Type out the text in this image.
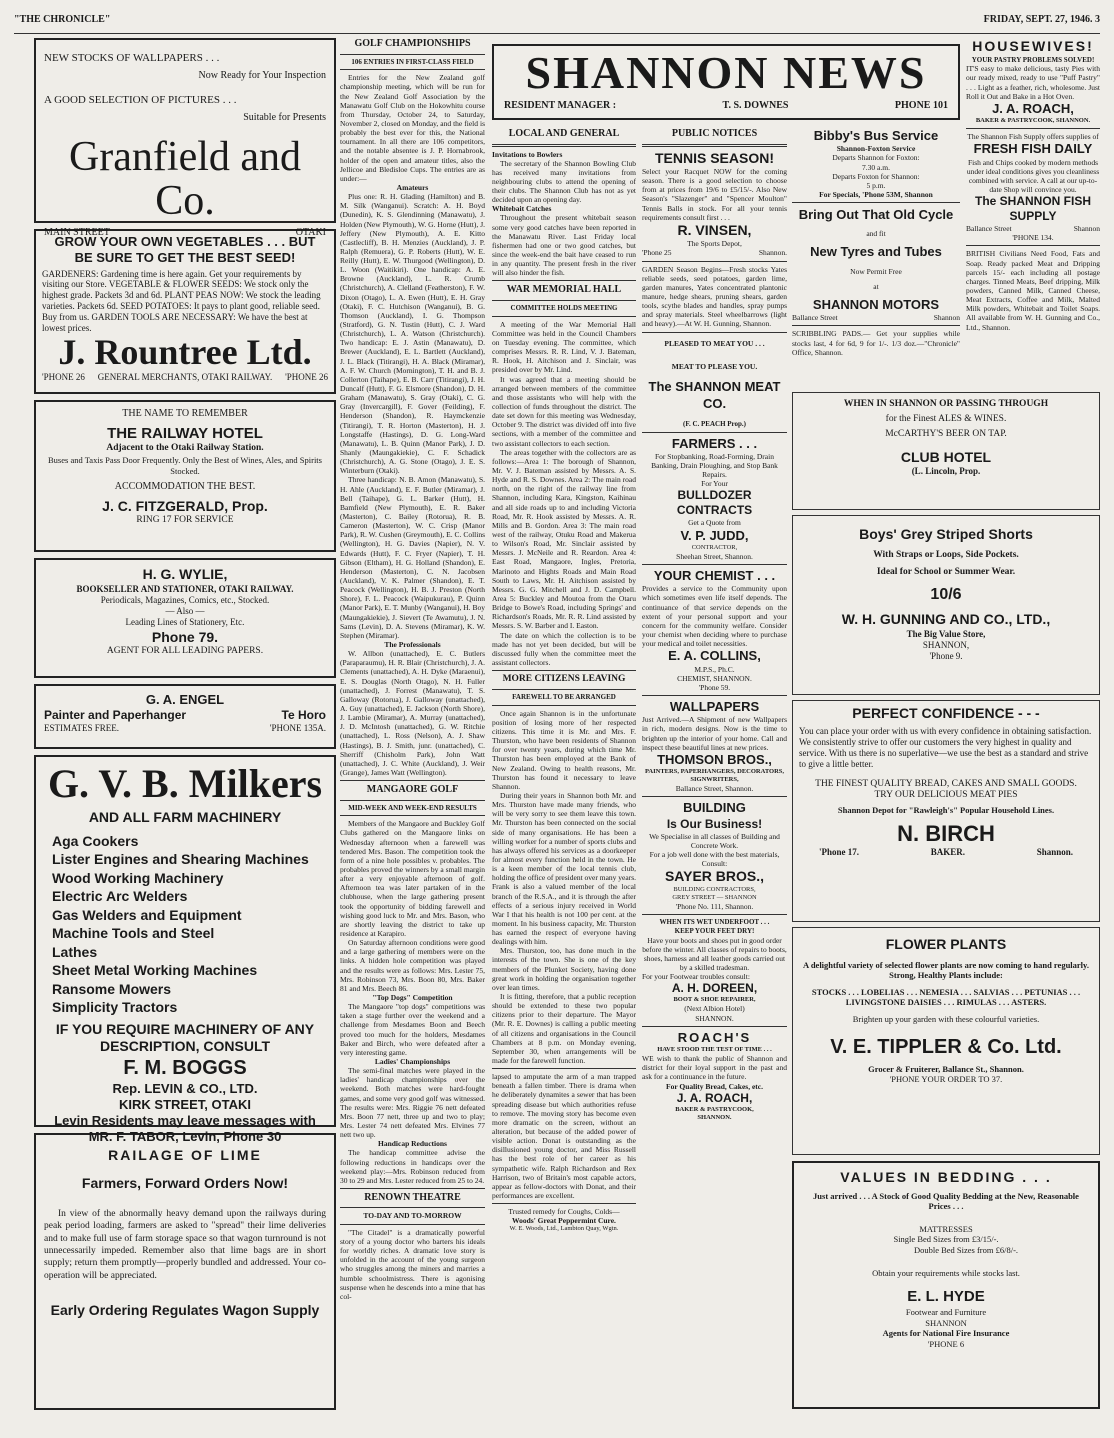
"THE CHRONICLE"	FRIDAY, SEPT. 27, 1946. 3
NEW STOCKS OF WALLPAPERS . . .
Now Ready for Your Inspection
A GOOD SELECTION OF PICTURES . . .
Suitable for Presents
Granfield and Co.
MAIN STREET	OTAKI
GROW YOUR OWN VEGETABLES . . . BUT
BE SURE TO GET THE BEST SEED!
GARDENERS: Gardening time is here again. Get your requirements by visiting our Store. VEGETABLE & FLOWER SEEDS: We stock only the highest grade. Packets 3d and 6d. PLANT PEAS NOW: We stock the leading varieties. Packets 6d. SEED POTATOES: It pays to plant good, reliable seed. Buy from us. GARDEN TOOLS ARE NECESSARY: We have the best at lowest prices.
J. Rountree Ltd.
'PHONE 26 GENERAL MERCHANTS, OTAKI RAILWAY. 'PHONE 26
THE NAME TO REMEMBER
THE RAILWAY HOTEL
Adjacent to the Otaki Railway Station.
Buses and Taxis Pass Door Frequently. Only the Best of Wines, Ales, and Spirits Stocked.
ACCOMMODATION THE BEST.
J. C. FITZGERALD, Prop.
RING 17 FOR SERVICE
H. G. WYLIE,
BOOKSELLER AND STATIONER, OTAKI RAILWAY.
Periodicals, Magazines, Comics, etc., Stocked.
— Also —
Leading Lines of Stationery, Etc.
Phone 79.
AGENT FOR ALL LEADING PAPERS.
G. A. ENGEL
Painter and Paperhanger	Te Horo
ESTIMATES FREE.	'PHONE 135A.
G. V. B. Milkers
AND ALL FARM MACHINERY
Aga Cookers
Lister Engines and Shearing Machines
Wood Working Machinery
Electric Arc Welders
Gas Welders and Equipment
Machine Tools and Steel
Lathes
Sheet Metal Working Machines
Ransome Mowers
Simplicity Tractors
IF YOU REQUIRE MACHINERY OF ANY DESCRIPTION, CONSULT
F. M. BOGGS
Rep. LEVIN & CO., LTD.
KIRK STREET, OTAKI
Levin Residents may leave messages with MR. F. TABOR, Levin, Phone 30
RAILAGE OF LIME
Farmers, Forward Orders Now!
In view of the abnormally heavy demand upon the railways during peak period loading, farmers are asked to "spread" their lime deliveries and to make full use of farm storage space so that wagon turnround is not unnecessarily impeded. Remember also that lime bags are in short supply; return them promptly—properly bundled and addressed. Your co-operation will be appreciated.
Early Ordering Regulates Wagon Supply
GOLF CHAMPIONSHIPS
106 ENTRIES IN FIRST-CLASS FIELD

Entries for the New Zealand golf championship meeting, which will be run for the New Zealand Golf Association by the Manawatu Golf Club on the Hokowhitu course from Thursday, October 24, to Saturday, November 2, closed on Monday, and the field is probably the best ever for this, the National tournament. In all there are 106 competitors, and the notable absentee is J. P. Hornabrook, holder of the open and amateur titles, also the Jellicoe and Bledisloe Cups. The entries are as under:—

Amateurs

Plus one: R. H. Glading (Hamilton) and B. M. Silk (Wanganui). Scratch: A. H. Boyd (Dunedin), K. S. Glendinning (Manawatu), J. Holden (New Plymouth), W. G. Horne (Hutt), J. Jeffery (New Plymouth), A. E. Kitto (Castlecliff), B. H. Menzies (Auckland), J. P. Ralph (Remuera), G. P. Roberts (Hutt), W. E. Reilly (Hutt), E. W. Thurgood (Wellington), D. L. Woon (Waitikiri). One handicap: A. E. Browne (Auckland), L. R. Crumb (Christchurch), A. Clelland (Featherston), F. W. Dixon (Otago), L. A. Ewen (Hutt), E. H. Gray (Otaki), F. C. Hutchison (Wanganui), B. G. Thomson (Auckland), I. G. Thompson (Stratford), G. N. Tustin (Hutt), C. J. Ward (Christchurch), L. A. Watson (Christchurch). Two handicap: E. J. Astin (Manawatu), D. Brewer (Auckland), E. L. Bartlett (Auckland), J. L. Black (Titirangi), H. A. Black (Miramar), A. F. W. Church (Mornington), T. H. and B. J. Collerton (Taihape), E. B. Carr (Titirangi), J. H. Duncalf (Hutt), F. G. Elsmore (Shandon), D. H. Graham (Manawatu), S. Gray (Otaki), C. G. Gray (Invercargill), F. Gover (Feilding), F. Henderson (Shandon), R. Haymckenzie (Titirangi), T. R. Horton (Masterton), H. J. Longstaffe (Hastings), D. G. Long-Ward (Manawatu), L. B. Quinn (Manor Park), J. D. Shanly (Maungakiekie), C. F. Schadick (Christchurch), A. G. Stone (Otago), J. E. S. Winterburn (Otaki).

Three handicap: N. B. Amon (Manawatu), S. H. Ahle (Auckland), E. F. Butler (Miramar), J. Bell (Taihape), G. L. Barker (Hutt), H. Bamfield (New Plymouth), E. R. Baker (Masterton), C. Bailey (Rotorua), R. B. Cameron (Masterton), W. C. Crisp (Manor Park), R. W. Cushen (Greymouth), E. C. Collins (Wellington), H. G. Davies (Napier), N. V. Edwards (Hutt), F. C. Fryer (Napier), T. H. Gibson (Eltham), H. G. Holland (Shandon), E. Henderson (Masterton), C. N. Jacobsen (Auckland), V. K. Palmer (Shandon), E. T. Peacock (Wellington), H. B. J. Preston (North Shore), F. L. Peacock (Waipukurau), P. Quinn (Manor Park), E. T. Munby (Wanganui), H. Boy (Maungakiekie), J. Sievert (Te Awamutu), J. N. Sams (Levin), D. A. Stevens (Miramar), K. W. Stephen (Miramar).

The Professionals

W. Allbon (unattached), E. C. Butlers (Paraparaumu), H. R. Blair (Christchurch), J. A. Clements (unattached), A. H. Dyke (Maraenui), E. S. Douglas (North Otago), N. H. Fuller (unattached), J. Forrest (Manawatu), T. S. Galloway (Rotorua), J. Galloway (unattached), A. Guy (unattached), E. Jackson (North Shore), J. Lambie (Miramar), A. Murray (unattached), J. D. McIntosh (unattached), G. W. Ritchie (unattached), L. Ross (Nelson), A. J. Shaw (Hastings), B. J. Smith, junr. (unattached), C. Sherriff (Chisholm Park), John Watt (unattached), J. C. White (Auckland), J. Weir (Grange), James Watt (Wellington).

MANGAORE GOLF
MID-WEEK AND WEEK-END RESULTS

Members of the Mangaore and Buckley Golf Clubs gathered on the Mangaore links on Wednesday afternoon when a farewell was tendered Mrs. Bason. The competition took the form of a nine hole possibles v. probables. The probables proved the winners by a small margin after a very enjoyable afternoon of golf. Afternoon tea was later partaken of in the clubhouse, when the large gathering present took the opportunity of bidding farewell and wishing good luck to Mr. and Mrs. Bason, who are shortly leaving the district to take up residence at Karapiro.

On Saturday afternoon conditions were good and a large gathering of members were on the links. A hidden hole competition was played and the results were as follows: Mrs. Lester 75, Mrs. Robinson 73, Mrs. Boon 80, Mrs. Baker 81 and Mrs. Beech 86.

"Top Dogs" Competition

The Mangaore "top dogs" competitions was taken a stage further over the weekend and a challenge from Mesdames Boon and Beech proved too much for the holders, Mesdames Baker and Birch, who were defeated after a very interesting game.

Ladies' Championships

The semi-final matches were played in the ladies' handicap championships over the weekend. Both matches were hard-fought games, and some very good golf was witnessed. The results were: Mrs. Riggie 76 nett defeated Mrs. Boon 77 nett, three up and two to play; Mrs. Lester 74 nett defeated Mrs. Elvines 77 nett two up.

Handicap Reductions

The handicap committee advise the following reductions in handicaps over the weekend play:—Mrs. Robinson reduced from 30 to 29 and Mrs. Lester reduced from 25 to 24.

RENOWN THEATRE
TO-DAY AND TO-MORROW

"The Citadel" is a dramatically powerful story of a young doctor who barters his ideals for worldly riches. A dramatic love story is unfolded in the account of the young surgeon who struggles among the miners and marries a humble schoolmistress. There is agonising suspense when he descends into a mine that has col-

SHANNON NEWS
RESIDENT MANAGER :	T. S. DOWNES	PHONE 101
LOCAL AND GENERAL
Invitations to Bowlers

The secretary of the Shannon Bowling Club has received many invitations from neighbouring clubs to attend the opening of their clubs. The Shannon Club has not as yet decided upon an opening day.

Whitebait Catches

Throughout the present whitebait season some very good catches have been reported in the Manawatu River. Last Friday local fishermen had one or two good catches, but since the week-end the bait have ceased to run in any quantity. The present fresh in the river will also hinder the fish.

WAR MEMORIAL HALL
COMMITTEE HOLDS MEETING

A meeting of the War Memorial Hall Committee was held in the Council Chambers on Tuesday evening. The committee, which comprises Messrs. R. R. Lind, V. J. Bateman, R. Hook, H. Aitchison and J. Sinclair, was presided over by Mr. Lind.

It was agreed that a meeting should be arranged between members of the committee and those assistants who will help with the collection of funds throughout the district. The date set down for this meeting was Wednesday, October 9. The district was divided off into five sections, with a member of the committee and two assistant collectors to each section.

The areas together with the collectors are as follows:—Area 1: The borough of Shannon, Mr. V. J. Bateman assisted by Messrs. A. S. Hyde and R. S. Downes. Area 2: The main road north, on the right of the railway line from Shannon, including Kara, Kingston, Kaihinau and all side roads up to and including Victoria Road, Mr. R. Hook assisted by Messrs. A. R. Mills and B. Gordon. Area 3: The main road west of the railway, Otuku Road and Makerua to Wilson's Road, Mr. Sinclair assisted by Messrs. J. McNeile and R. Reardon. Area 4: East Road, Mangaore, Ingles, Pretoria, Marinoto and Hights Roads and Main Road South to Laws, Mr. H. Aitchison assisted by Messrs. G. G. Mitchell and J. D. Campbell. Area 5: Buckley and Moutoa from the Otaru Bridge to Bowe's Road, including Springs' and Richardson's Roads, Mr. R. R. Lind assisted by Messrs. S. W. Barber and I. Easton.

The date on which the collection is to be made has not yet been decided, but will be discussed fully when the committee meet the assistant collectors.

MORE CITIZENS LEAVING
FAREWELL TO BE ARRANGED

Once again Shannon is in the unfortunate position of losing more of her respected citizens. This time it is Mr. and Mrs. F. Thurston, who have been residents of Shannon for over twenty years, during which time Mr. Thurston has been employed at the Bank of New Zealand. Owing to health reasons, Mr. Thurston has found it necessary to leave Shannon.

During their years in Shannon both Mr. and Mrs. Thurston have made many friends, who will be very sorry to see them leave this town. Mr. Thurston has been connected on the social side of many organisations. He has been a willing worker for a number of sports clubs and has always offered his services as a doorkeeper for almost every function held in the town. He is a keen member of the local tennis club, holding the office of president over many years. Frank is also a valued member of the local branch of the R.S.A., and it is through the after effects of a serious injury received in World War I that his health is not 100 per cent. at the moment. In his business capacity, Mr. Thurston has earned the respect of everyone having dealings with him.

Mrs. Thurston, too, has done much in the interests of the town. She is one of the key members of the Plunket Society, having done great work in holding the organisation together over lean times.

It is fitting, therefore, that a public reception should be extended to these two popular citizens prior to their departure. The Mayor (Mr. R. E. Downes) is calling a public meeting of all citizens and organisations in the Council Chambers at 8 p.m. on Monday evening, September 30, when arrangements will be made for the farewell function.

lapsed to amputate the arm of a man trapped beneath a fallen timber. There is drama when he deliberately dynamites a sewer that has been spreading disease but which authorities refuse to remove. The moving story has become even more dramatic on the screen, without an alteration, but because of the added power of visible action. Donat is outstanding as the disillusioned young doctor, and Miss Russell has the best role of her career as his sympathetic wife. Ralph Richardson and Rex Harrison, two of Britain's most capable actors, appear as fellow-doctors with Donat, and their performances are excellent.

Trusted remedy for Coughs, Colds—
Woods' Great Peppermint Cure.
W. E. Woods, Ltd., Lambton Quay, Wgtn.
PUBLIC NOTICES
TENNIS SEASON!

Select your Racquet NOW for the coming season. There is a good selection to choose from at prices from 19/6 to £5/15/-. Also New Season's "Slazenger" and "Spencer Moulton" Tennis Balls in stock. For all your tennis requirements consult first . . .

R. VINSEN,
The Sports Depot,
'Phone 25	Shannon.

GARDEN Season Begins—Fresh stocks Yates reliable seeds, seed potatoes, garden lime, garden manures, Yates concentrated plantonic manure, hedge shears, pruning shears, garden tools, scythe blades and handles, spray pumps and spray materials. Steel wheelbarrows (light and heavy).—At W. H. Gunning, Shannon.

PLEASED TO MEAT YOU . . .
MEAT TO PLEASE YOU.
The SHANNON MEAT CO.
(F. C. PEACH Prop.)
FARMERS . . .

For Stopbanking, Road-Forming, Drain Banking, Drain Ploughing, and Stop Bank Repairs.

For Your
BULLDOZER CONTRACTS
Get a Quote from
V. P. JUDD,
CONTRACTOR,
Sheehan Street, Shannon.
YOUR CHEMIST . . .

Provides a service to the Community upon which sometimes even life itself depends. The continuance of that service depends on the extent of your personal support and your concern for the community welfare. Consider your chemist when deciding where to purchase your medical and toilet necessities.

E. A. COLLINS,
M.P.S., Ph.C.
CHEMIST, SHANNON.
'Phone 59.
WALLPAPERS

Just Arrived.—A Shipment of new Wallpapers in rich, modern designs. Now is the time to brighten up the interior of your home. Call and inspect these beautiful lines at new prices.

THOMSON BROS.,
PAINTERS, PAPERHANGERS, DECORATORS, SIGNWRITERS,
Ballance Street, Shannon.
BUILDING
Is Our Business!

We Specialise in all classes of Building and Concrete Work.

For a job well done with the best materials, Consult:

SAYER BROS.,
BUILDING CONTRACTORS,
GREY STREET — SHANNON
'Phone No. 111, Shannon.
WHEN ITS WET UNDERFOOT . . .
KEEP YOUR FEET DRY!

Have your boots and shoes put in good order before the winter. All classes of repairs to boots, shoes, harness and all leather goods carried out by a skilled tradesman.

For your Footwear troubles consult:

A. H. DOREEN,
BOOT & SHOE REPAIRER,
(Next Albion Hotel)
SHANNON.
ROACH'S
HAVE STOOD THE TEST OF TIME . . .

WE wish to thank the public of Shannon and district for their loyal support in the past and ask for a continuance in the future.

For Quality Bread, Cakes, etc.
J. A. ROACH,
BAKER & PASTRYCOOK,
SHANNON.
Bibby's Bus Service
Shannon-Foxton Service
Departs Shannon for Foxton:
7.30 a.m.
Departs Foxton for Shannon:
5 p.m.
For Specials, 'Phone 53M, Shannon
Bring Out That Old Cycle
and fit
New Tyres and Tubes
Now Permit Free
at
SHANNON MOTORS
Ballance Street	Shannon

SCRIBBLING PADS.— Get your supplies while stocks last, 4 for 6d, 9 for 1/-. 1/3 doz.—"Chronicle" Office, Shannon.

HOUSEWIVES!
YOUR PASTRY PROBLEMS SOLVED!

IT'S easy to make delicious, tasty Pies with our ready mixed, ready to use "Puff Pastry" . . . Light as a feather, rich, wholesome. Just Roll it Out and Bake in a Hot Oven.

J. A. ROACH,
BAKER & PASTRYCOOK, SHANNON.

The Shannon Fish Supply offers supplies of

FRESH FISH DAILY

Fish and Chips cooked by modern methods under ideal conditions gives you cleanliness combined with service. A call at our up-to-date Shop will convince you.

The SHANNON FISH SUPPLY
Ballance Street	Shannon
'PHONE 134.

BRITISH Civilians Need Food, Fats and Soap. Ready packed Meat and Dripping parcels 15/- each including all postage charges. Tinned Meats, Beef dripping, Milk powders, Canned Milk, Canned Cheese, Meat Extracts, Coffee and Milk, Malted Milk powders, Whitebait and Toilet Soaps. All available from W. H. Gunning and Co., Ltd., Shannon.

WHEN IN SHANNON OR PASSING THROUGH
for the Finest ALES & WINES.
McCARTHY'S BEER ON TAP.
CLUB HOTEL
(L. Lincoln, Prop.
Boys' Grey Striped Shorts
With Straps or Loops, Side Pockets.
Ideal for School or Summer Wear.
10/6
W. H. GUNNING AND CO., LTD.,
The Big Value Store,
SHANNON,
'Phone 9.
PERFECT CONFIDENCE - - -

You can place your order with us with every confidence in obtaining satisfaction. We consistently strive to offer our customers the very highest in quality and service. With us there is no superlative—we use the best as a standard and strive to give a little better.

THE FINEST QUALITY BREAD, CAKES AND SMALL GOODS.
TRY OUR DELICIOUS MEAT PIES
Shannon Depot for "Rawleigh's" Popular Household Lines.
N. BIRCH
'Phone 17.	BAKER.	Shannon.
FLOWER PLANTS

A delightful variety of selected flower plants are now coming to hand regularly. Strong, Healthy Plants include:

STOCKS . . . LOBELIAS . . . NEMESIA . . . SALVIAS . . . PETUNIAS . . . LIVINGSTONE DAISIES . . . RIMULAS . . . ASTERS.

Brighten up your garden with these colourful varieties.

V. E. TIPPLER & Co. Ltd.
Grocer & Fruiterer, Ballance St., Shannon.
'PHONE YOUR ORDER TO 37.
VALUES IN BEDDING . . .

Just arrived . . . A Stock of Good Quality Bedding at the New, Reasonable Prices . . .

MATTRESSES
Single Bed Sizes from £3/15/-.
Double Bed Sizes from £6/8/-.
Obtain your requirements while stocks last.
E. L. HYDE
Footwear and Furniture
SHANNON
Agents for National Fire Insurance
'PHONE 6
